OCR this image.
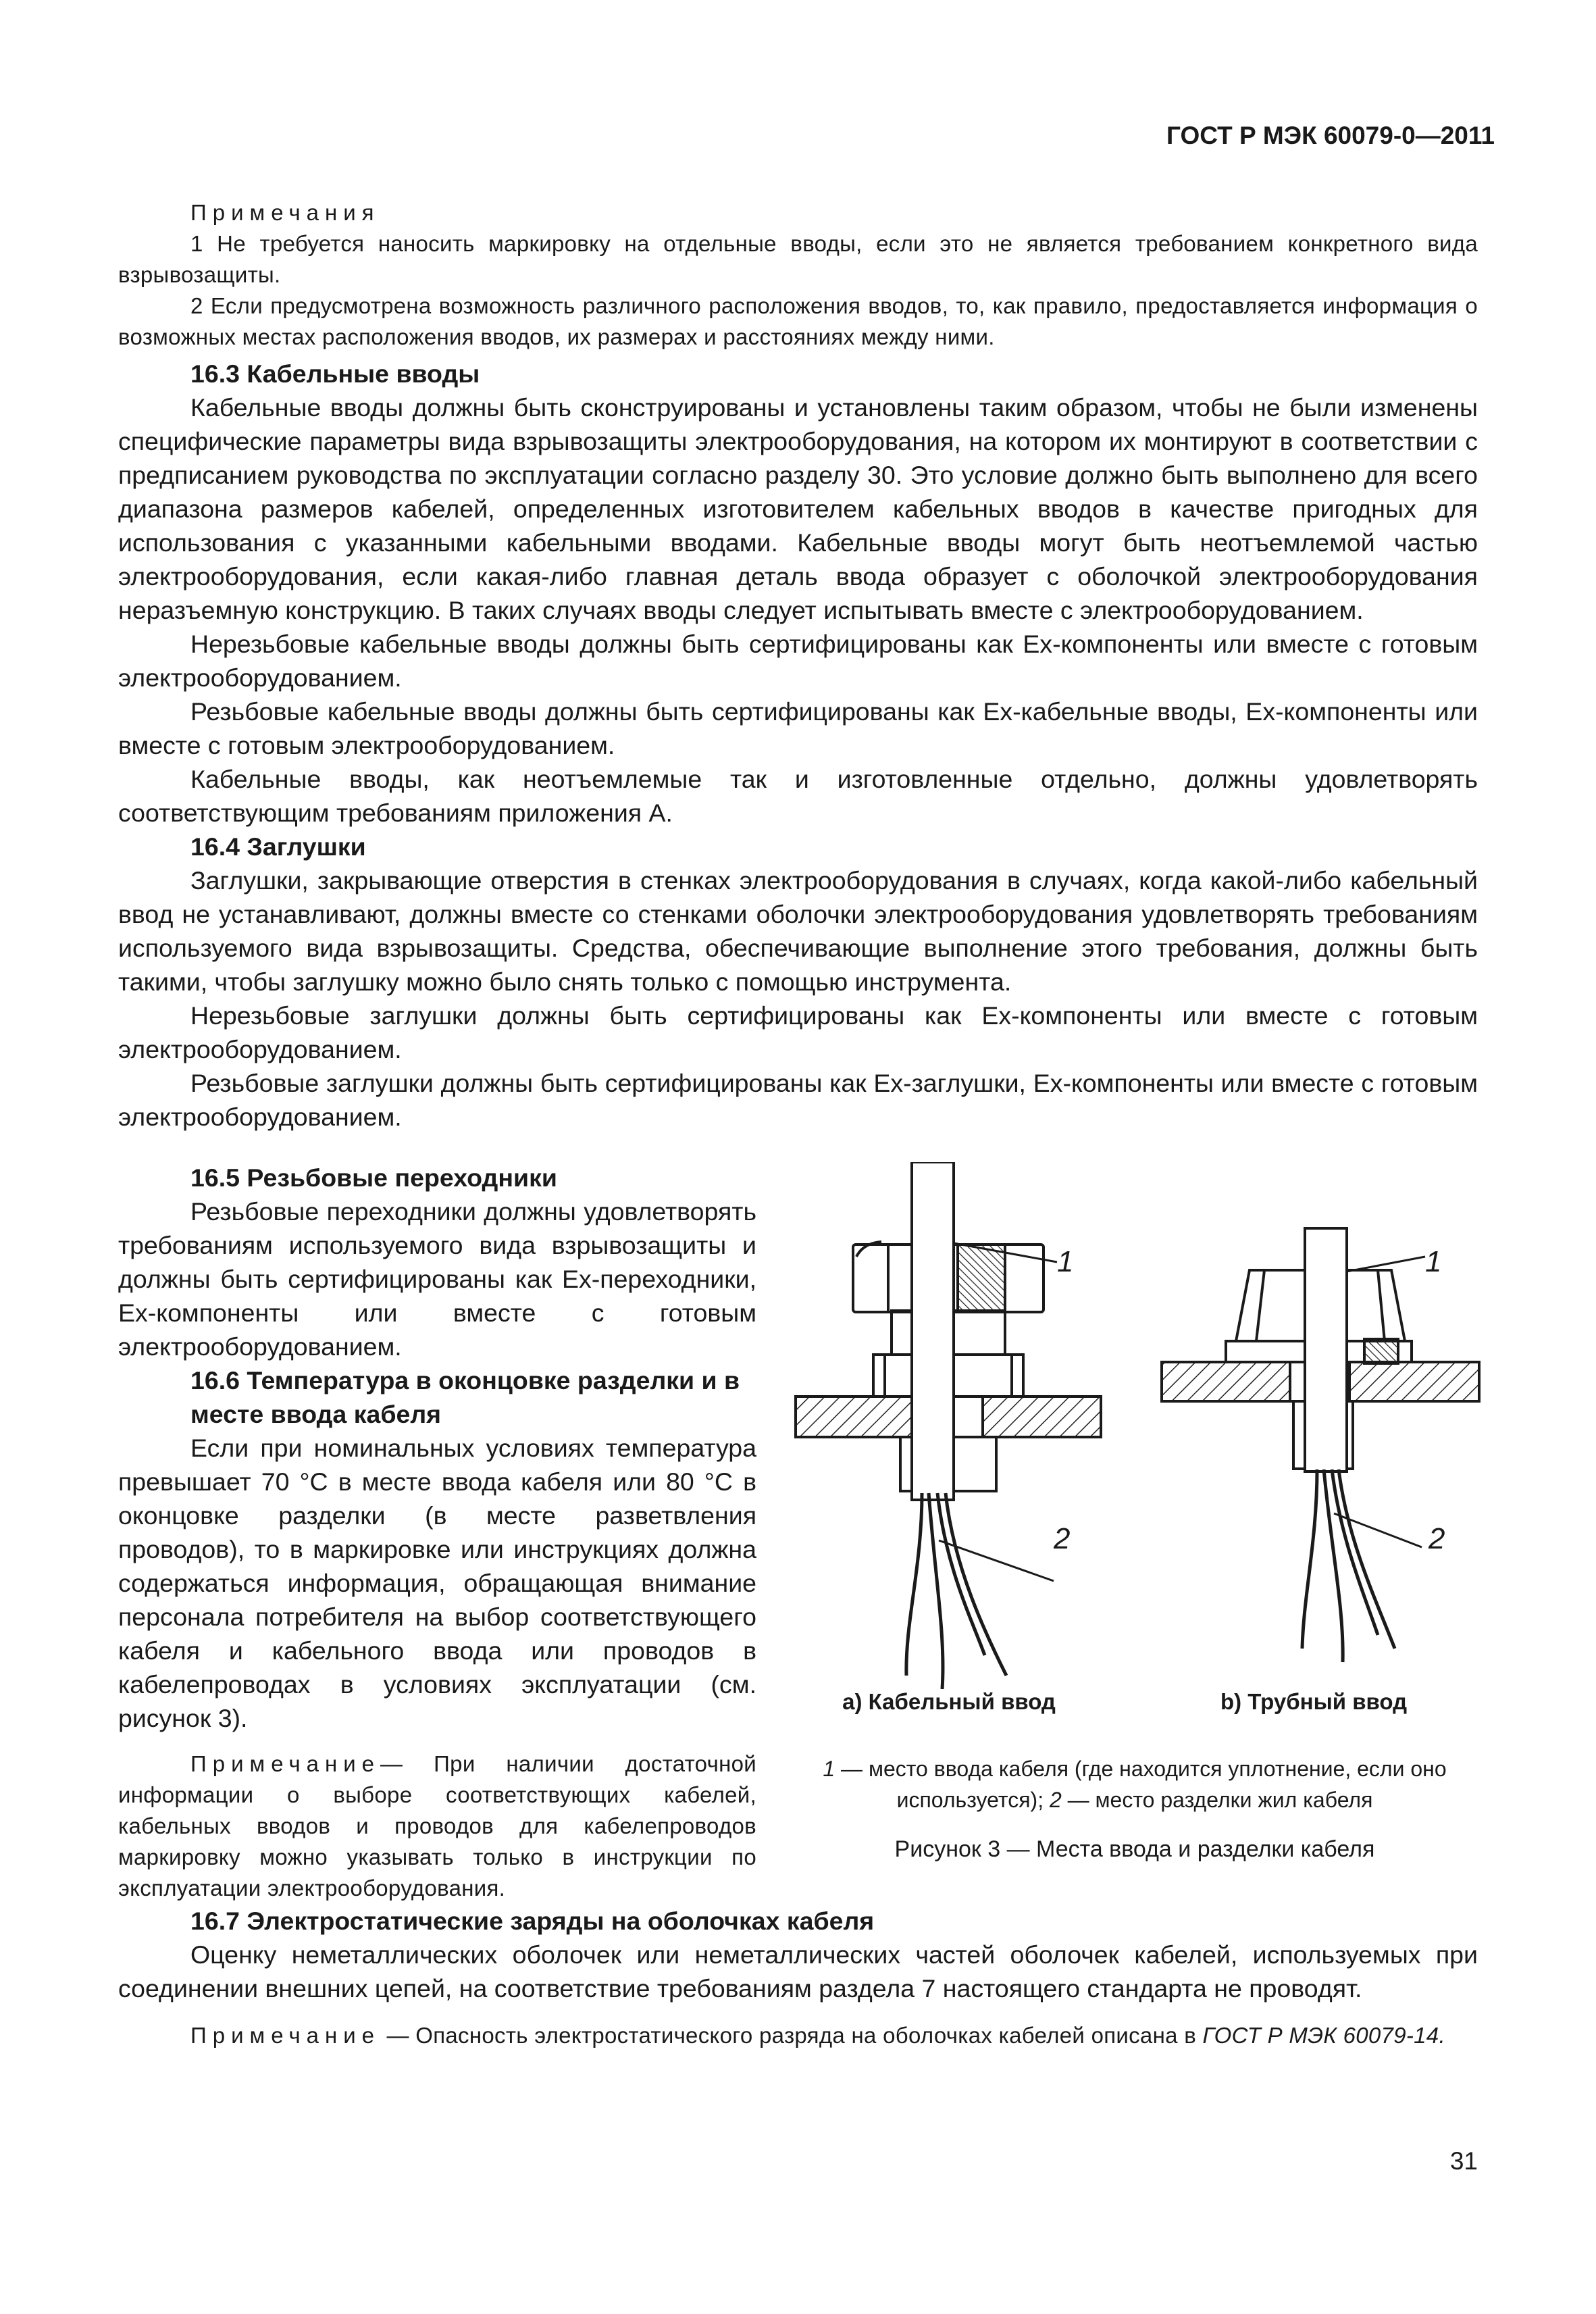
ГОСТ Р МЭК 60079-0—2011

Примечания

1 Не требуется наносить маркировку на отдельные вводы, если это не является требованием конкретного вида взрывозащиты.

2 Если предусмотрена возможность различного расположения вводов, то, как правило, предоставляется информация о возможных местах расположения вводов, их размерах и расстояниях между ними.

16.3 Кабельные вводы

Кабельные вводы должны быть сконструированы и установлены таким образом, чтобы не были изменены специфические параметры вида взрывозащиты электрооборудования, на котором их монтируют в соответствии с предписанием руководства по эксплуатации согласно разделу 30. Это условие должно быть выполнено для всего диапазона размеров кабелей, определенных изготовителем кабельных вводов в качестве пригодных для использования с указанными кабельными вводами. Кабельные вводы могут быть неотъемлемой частью электрооборудования, если какая-либо главная деталь ввода образует с оболочкой электрооборудования неразъемную конструкцию. В таких случаях вводы следует испытывать вместе с электрооборудованием.

Нерезьбовые кабельные вводы должны быть сертифицированы как Ex-компоненты или вместе с готовым электрооборудованием.

Резьбовые кабельные вводы должны быть сертифицированы как Ex-кабельные вводы, Ex-компоненты или вместе с готовым электрооборудованием.

Кабельные вводы, как неотъемлемые так и изготовленные отдельно, должны удовлетворять соответствующим требованиям приложения А.

16.4 Заглушки

Заглушки, закрывающие отверстия в стенках электрооборудования в случаях, когда какой-либо кабельный ввод не устанавливают, должны вместе со стенками оболочки электрооборудования удовлетворять требованиям используемого вида взрывозащиты. Средства, обеспечивающие выполнение этого требования, должны быть такими, чтобы заглушку можно было снять только с помощью инструмента.

Нерезьбовые заглушки должны быть сертифицированы как Ex-компоненты или вместе с готовым электрооборудованием.

Резьбовые заглушки должны быть сертифицированы как Ex-заглушки, Ex-компоненты или вместе с готовым электрооборудованием.

16.5 Резьбовые переходники

Резьбовые переходники должны удовлетворять требованиям используемого вида взрывозащиты и должны быть сертифицированы как Ex-переходники, Ex-компоненты или вместе с готовым электрооборудованием.

16.6 Температура в оконцовке разделки и в месте ввода кабеля

Если при номинальных условиях температура превышает 70 °С в месте ввода кабеля или 80 °С в оконцовке разделки (в месте разветвления проводов), то в маркировке или инструкциях должна содержаться информация, обращающая внимание персонала потребителя на выбор соответствующего кабеля и кабельного ввода или проводов в кабелепроводах в условиях эксплуатации (см. рисунок 3).

Примечание— При наличии достаточной информации о выборе соответствующих кабелей, кабельных вводов и проводов для кабелепроводов маркировку можно указывать только в инструкции по эксплуатации электрооборудования.

1
2
1
2
a) Кабельный ввод	b) Трубный ввод
1 — место ввода кабеля (где находится уплотнение, если оно используется); 2 — место разделки жил кабеля
Рисунок 3 — Места ввода и разделки кабеля

16.7 Электростатические заряды на оболочках кабеля

Оценку неметаллических оболочек или неметаллических частей оболочек кабелей, используемых при соединении внешних цепей, на соответствие требованиям раздела 7 настоящего стандарта не проводят.

Примечание — Опасность электростатического разряда на оболочках кабелей описана в ГОСТ Р МЭК 60079-14.

31
